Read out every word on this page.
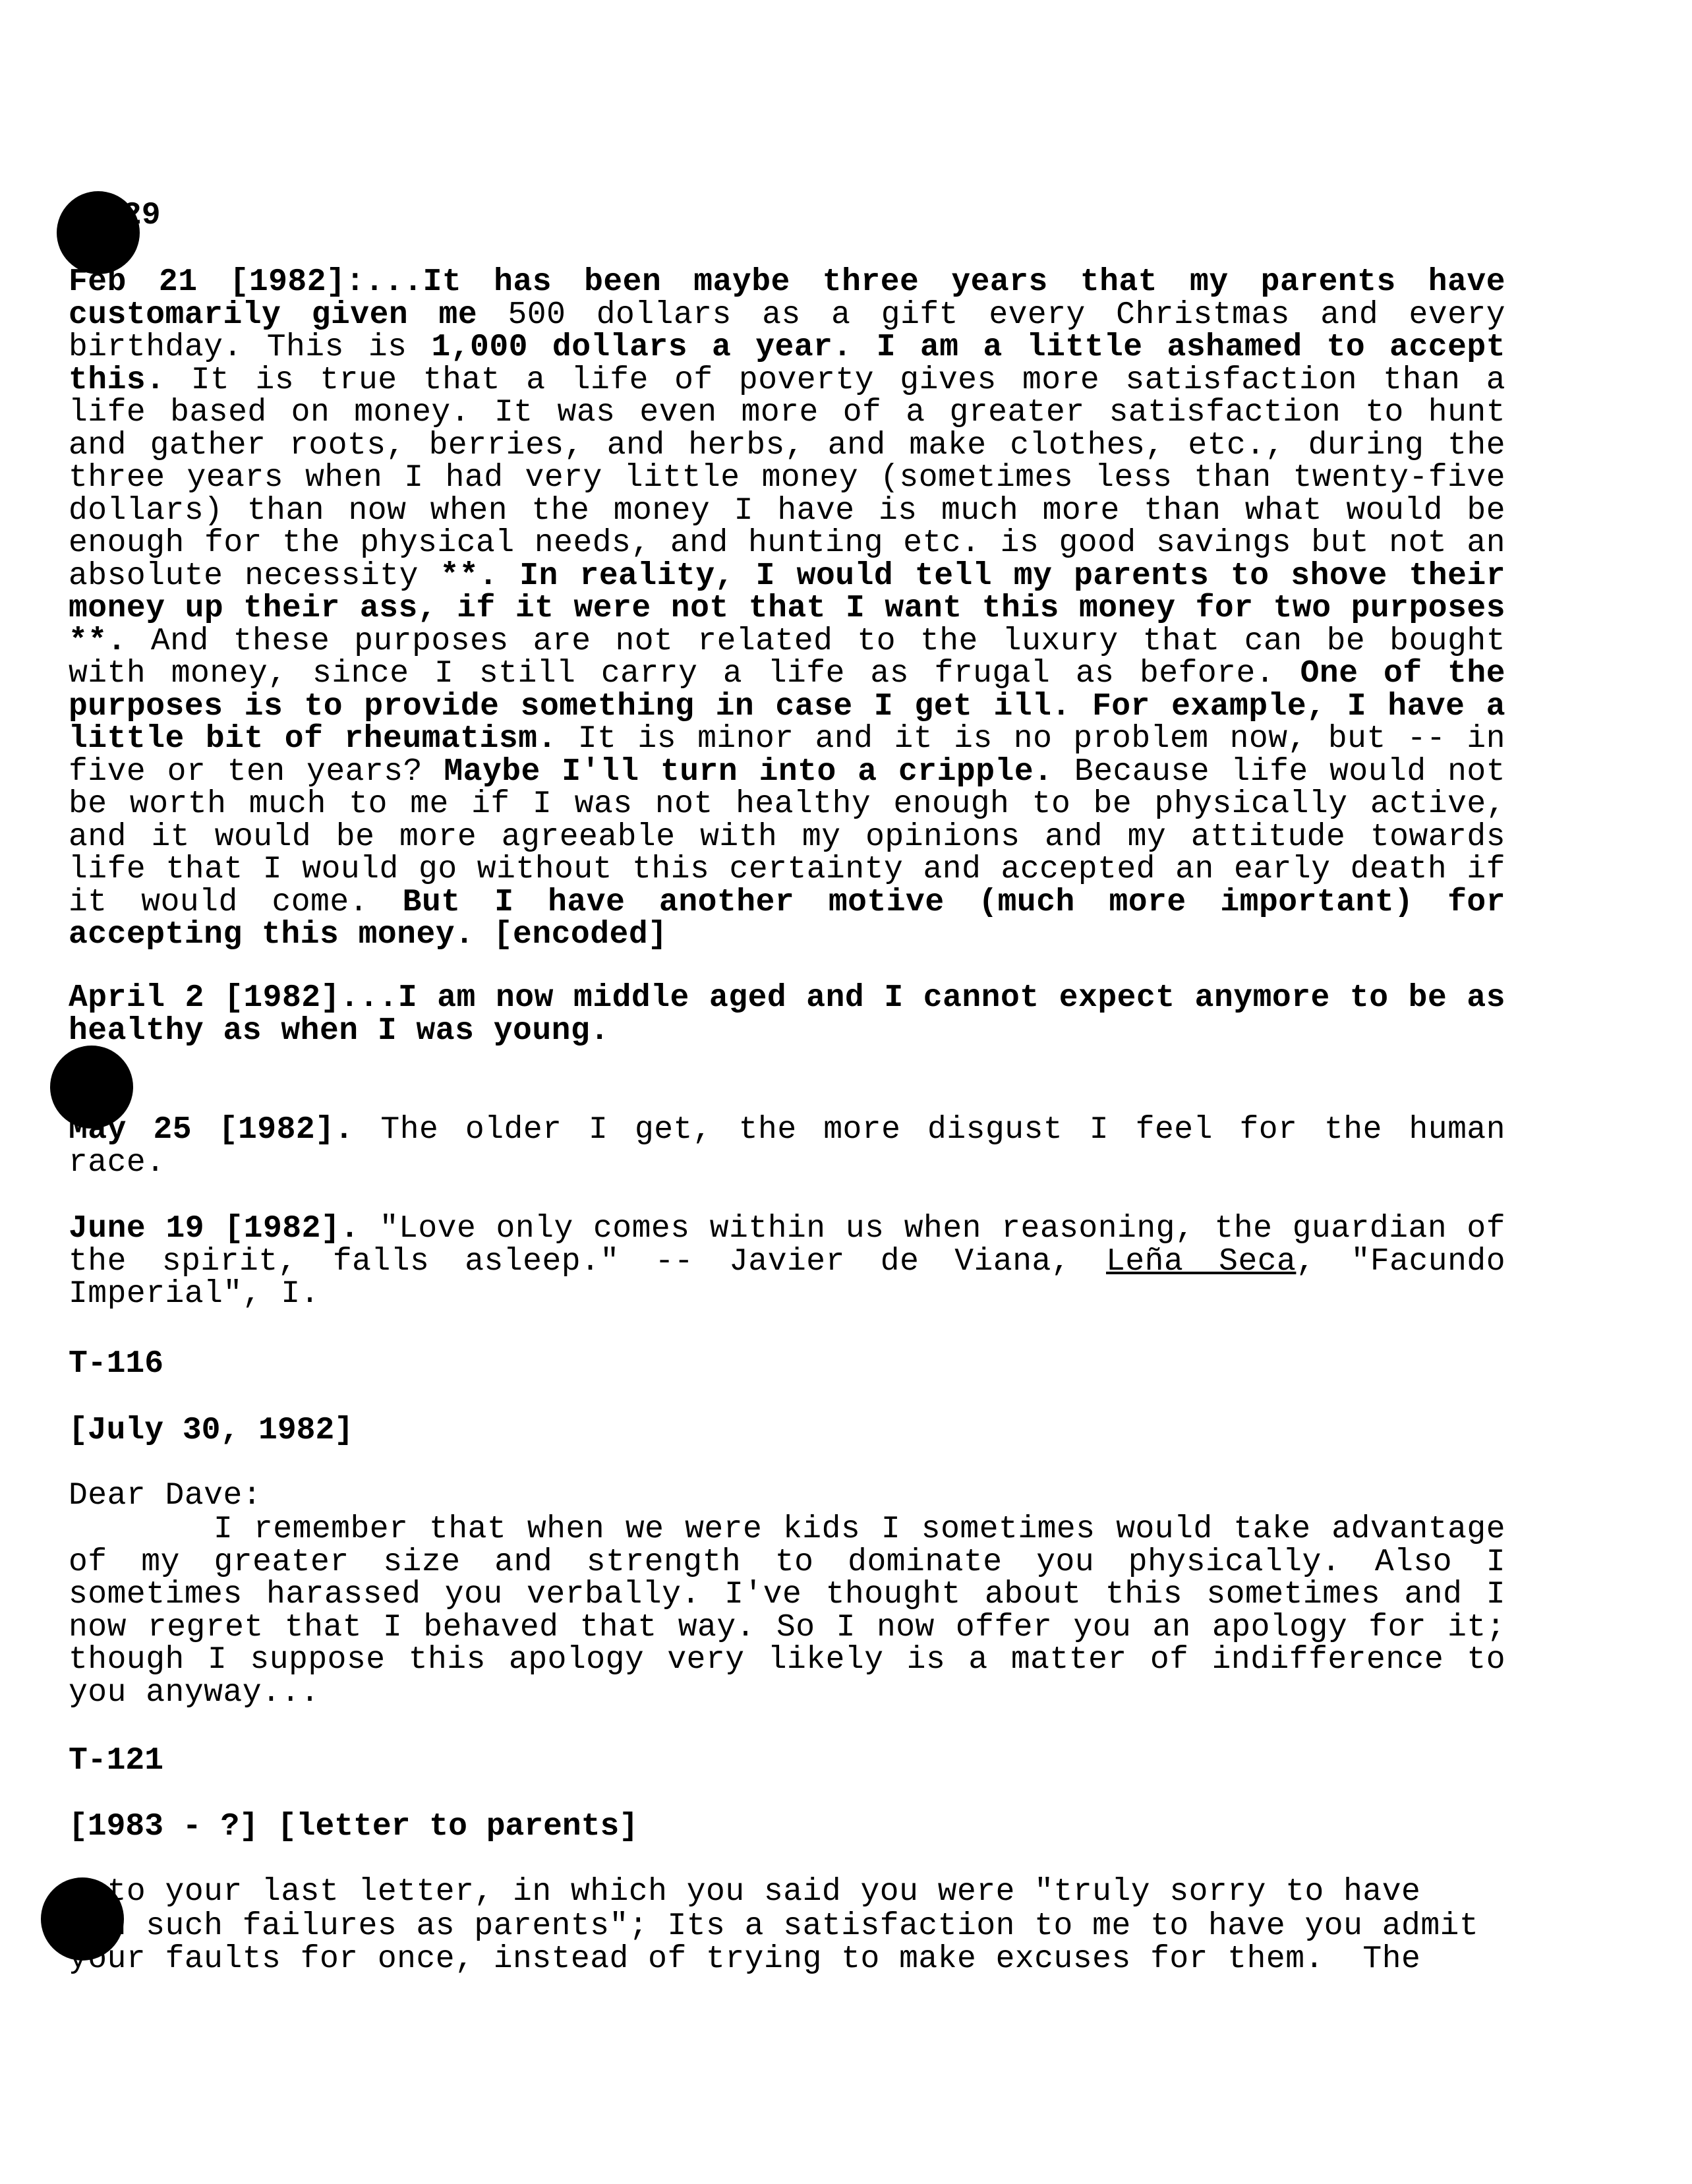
29

Feb 21 [1982]:...It has been maybe three years that my parents have customarily given me 500 dollars as a gift every Christmas and every birthday. This is 1,000 dollars a year. I am a little ashamed to accept this. It is true that a life of poverty gives more satisfaction than a life based on money. It was even more of a greater satisfaction to hunt and gather roots, berries, and herbs, and make clothes, etc., during the three years when I had very little money (sometimes less than twenty-five dollars) than now when the money I have is much more than what would be enough for the physical needs, and hunting etc. is good savings but not an absolute necessity **. In reality, I would tell my parents to shove their money up their ass, if it were not that I want this money for two purposes **. And these purposes are not related to the luxury that can be bought with money, since I still carry a life as frugal as before. One of the purposes is to provide something in case I get ill. For example, I have a little bit of rheumatism. It is minor and it is no problem now, but -- in five or ten years? Maybe I'll turn into a cripple. Because life would not be worth much to me if I was not healthy enough to be physically active, and it would be more agreeable with my opinions and my attitude towards life that I would go without this certainty and accepted an early death if it would come. But I have another motive (much more important) for accepting this money. [encoded]

April 2 [1982]...I am now middle aged and I cannot expect anymore to be as healthy as when I was young.

May 25 [1982]. The older I get, the more disgust I feel for the human race.

June 19 [1982]. "Love only comes within us when reasoning, the guardian of the spirit, falls asleep." -- Javier de Viana, Leña Seca, "Facundo Imperial", I.

T-116
[July 30, 1982]

Dear Dave:

I remember that when we were kids I sometimes would take advantage of my greater size and strength to dominate you physically. Also I sometimes harassed you verbally. I've thought about this sometimes and I now regret that I behaved that way. So I now offer you an apology for it; though I suppose this apology very likely is a matter of indifference to you anyway...

T-121
[1983 - ?] [letter to parents]

to your last letter, in which you said you were "truly sorry to have

n such failures as parents"; Its a satisfaction to me to have you admit

your faults for once, instead of trying to make excuses for them.  The
